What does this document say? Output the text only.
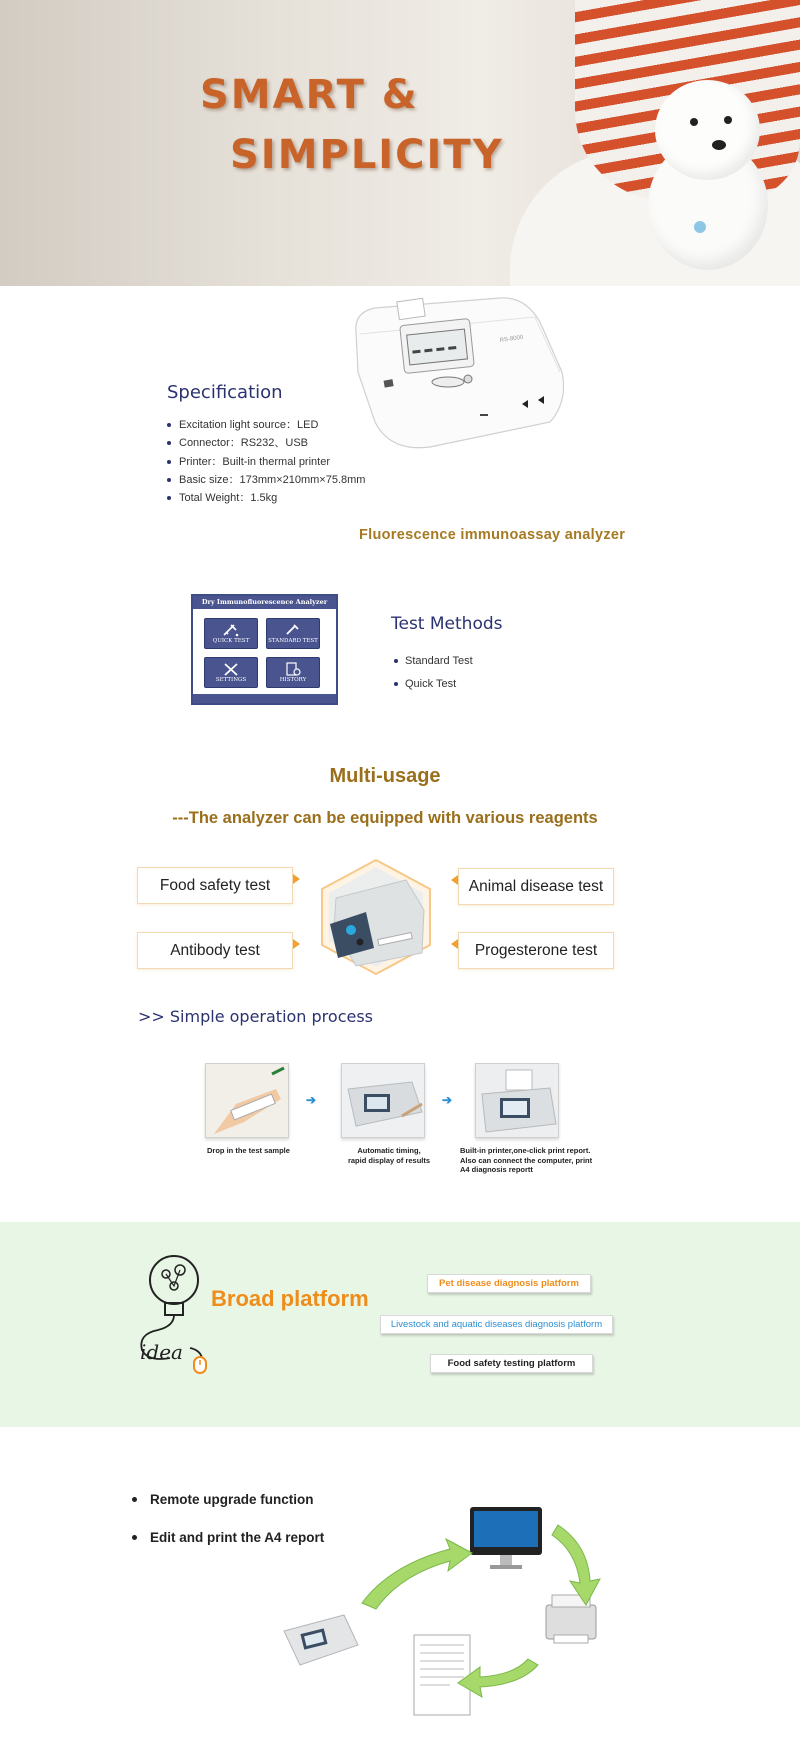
SMART &
SIMPLICITY
RS-8000
Specification
Excitation light source：LED
Connector：RS232、USB
Printer：Built-in thermal printer
Basic size：173mm×210mm×75.8mm
Total Weight：1.5kg
Fluorescence immunoassay analyzer
Dry Immunofluorescence Analyzer
QUICK TEST	STANDARD TEST
SETTINGS	HISTORY
Test Methods
Standard Test
Quick Test
Multi-usage
---The analyzer can be equipped with various reagents
Food safety test	Animal disease test
Antibody test	Progesterone test
>> Simple operation process
➔	➔
Drop in the test sample	Automatic timing,
rapid display of results
Built-in printer,one-click print report.
Also can connect the computer, print
A4 diagnosis reportt
idea
Broad platform
Pet disease diagnosis platform
Livestock and aquatic diseases diagnosis platform
Food safety testing platform
Remote upgrade function
Edit and print the A4 report
